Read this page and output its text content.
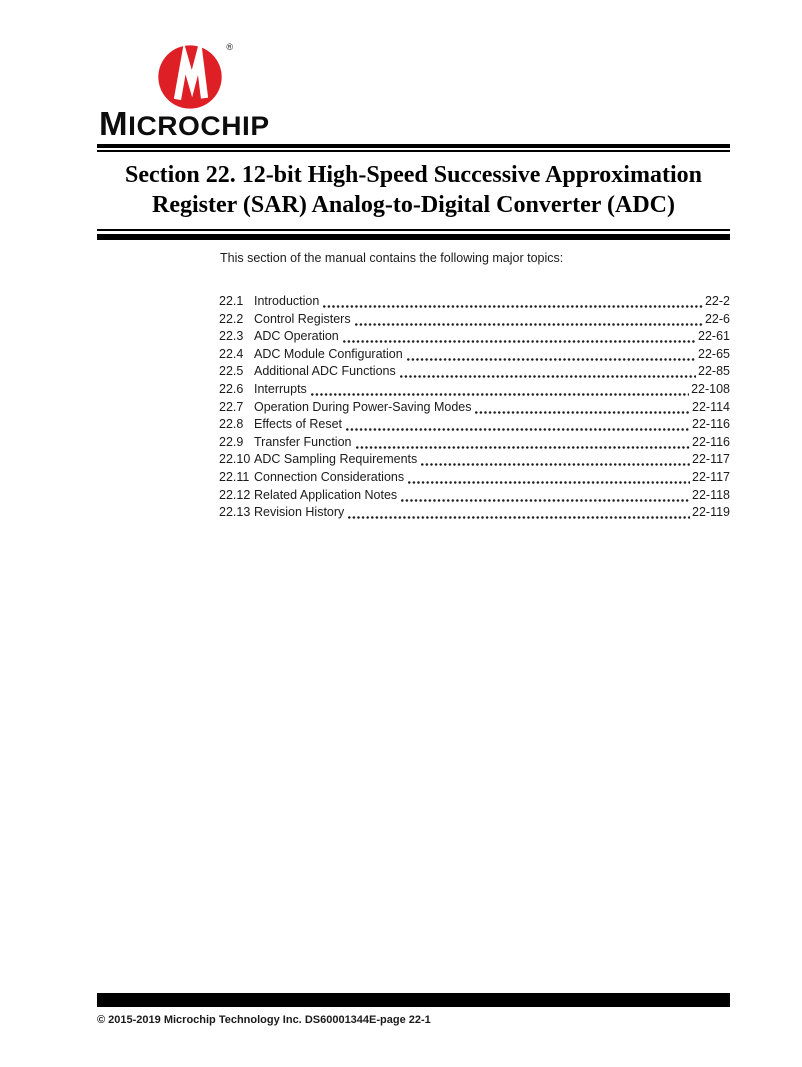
®
MICROCHIP
Section 22. 12-bit High-Speed Successive Approximation
Register (SAR) Analog-to-Digital Converter (ADC)

This section of the manual contains the following major topics:

22.1 Introduction	22-2
22.2 Control Registers	22-6
22.3 ADC Operation	22-61
22.4 ADC Module Configuration	22-65
22.5 Additional ADC Functions	22-85
22.6 Interrupts	22-108
22.7 Operation During Power-Saving Modes	22-114
22.8 Effects of Reset	22-116
22.9 Transfer Function	22-116
22.10 ADC Sampling Requirements	22-117
22.11 Connection Considerations	22-117
22.12 Related Application Notes	22-118
22.13 Revision History	22-119

© 2015-2019 Microchip Technology Inc. DS60001344E-page 22-1
